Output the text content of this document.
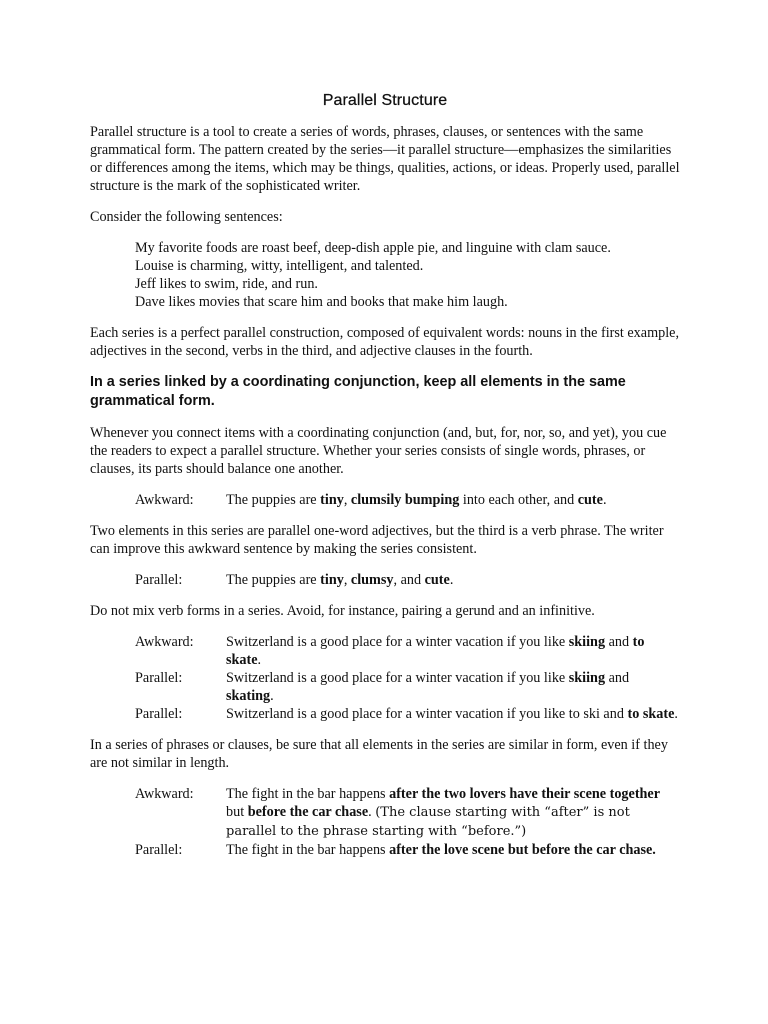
Parallel Structure

Parallel structure is a tool to create a series of words, phrases, clauses, or sentences with the same grammatical form. The pattern created by the series—it parallel structure—emphasizes the similarities or differences among the items, which may be things, qualities, actions, or ideas. Properly used, parallel structure is the mark of the sophisticated writer.

Consider the following sentences:

My favorite foods are roast beef, deep-dish apple pie, and linguine with clam sauce.
Louise is charming, witty, intelligent, and talented.
Jeff likes to swim, ride, and run.
Dave likes movies that scare him and books that make him laugh.

Each series is a perfect parallel construction, composed of equivalent words: nouns in the first example, adjectives in the second, verbs in the third, and adjective clauses in the fourth.

In a series linked by a coordinating conjunction, keep all elements in the same grammatical form.

Whenever you connect items with a coordinating conjunction (and, but, for, nor, so, and yet), you cue the readers to expect a parallel structure. Whether your series consists of single words, phrases, or clauses, its parts should balance one another.

Awkward:	The puppies are tiny, clumsily bumping into each other, and cute.

Two elements in this series are parallel one-word adjectives, but the third is a verb phrase. The writer can improve this awkward sentence by making the series consistent.

Parallel:	The puppies are tiny, clumsy, and cute.

Do not mix verb forms in a series. Avoid, for instance, pairing a gerund and an infinitive.

Awkward:	Switzerland is a good place for a winter vacation if you like skiing and to skate.
Parallel:	Switzerland is a good place for a winter vacation if you like skiing and skating.
Parallel:	Switzerland is a good place for a winter vacation if you like to ski and to skate.

In a series of phrases or clauses, be sure that all elements in the series are similar in form, even if they are not similar in length.

Awkward:	The fight in the bar happens after the two lovers have their scene together but before the car chase. (The clause starting with “after” is not parallel to the phrase starting with “before.”)
Parallel:	The fight in the bar happens after the love scene but before the car chase.
